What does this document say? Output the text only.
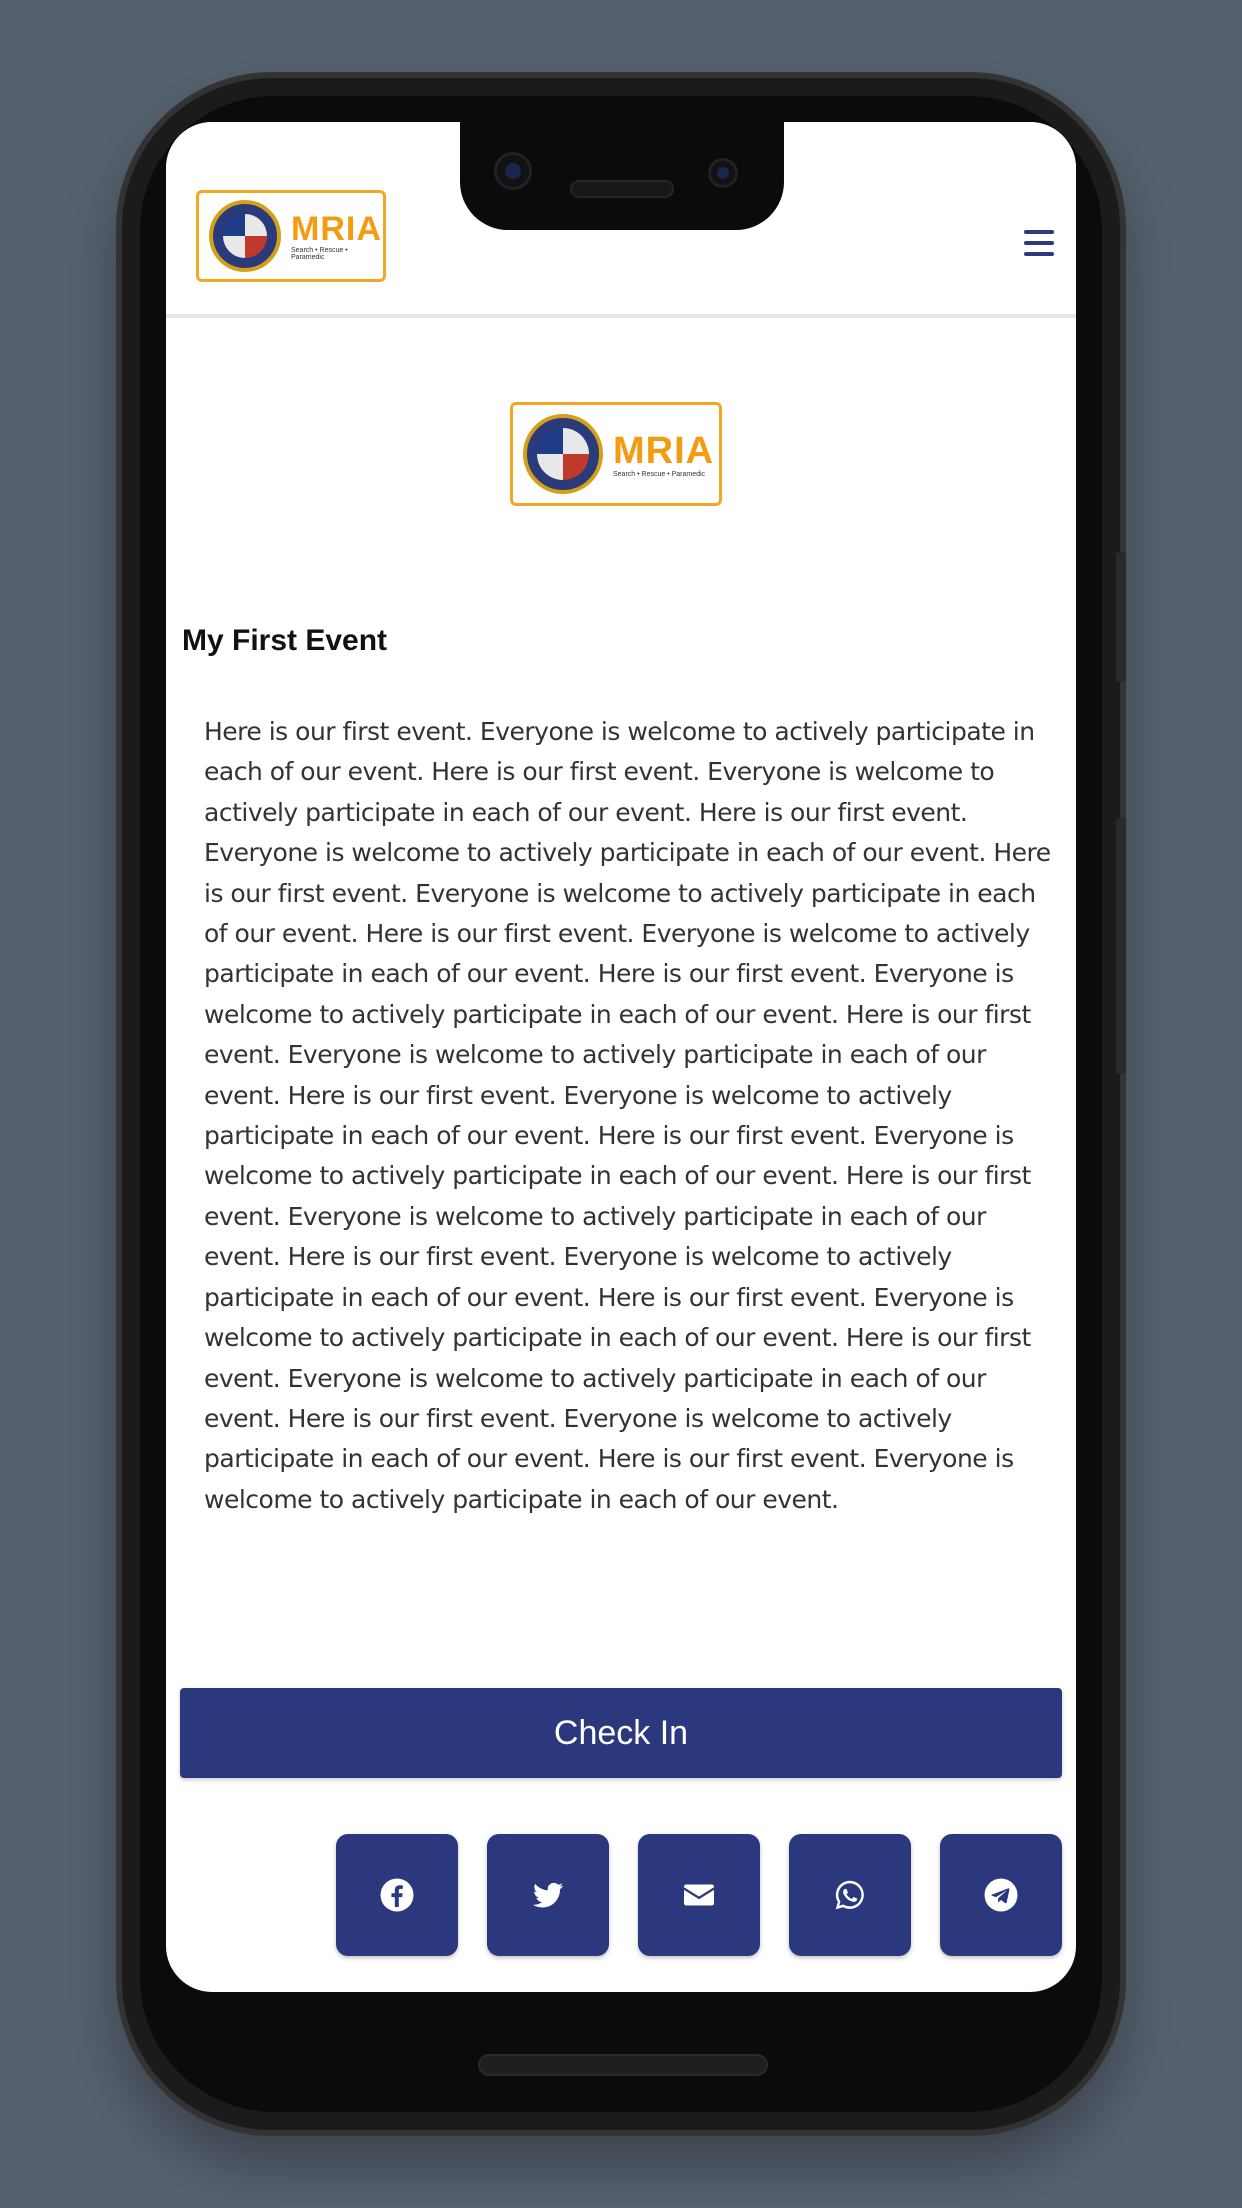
MRIA
Search • Rescue • Paramedic
MRIA
Search • Rescue • Paramedic
My First Event

Here is our first event. Everyone is welcome to actively participate in each of our event. Here is our first event. Everyone is welcome to actively participate in each of our event. Here is our first event. Everyone is welcome to actively participate in each of our event. Here is our first event. Everyone is welcome to actively participate in each of our event. Here is our first event. Everyone is welcome to actively participate in each of our event. Here is our first event. Everyone is welcome to actively participate in each of our event. Here is our first event. Everyone is welcome to actively participate in each of our event. Here is our first event. Everyone is welcome to actively participate in each of our event. Here is our first event. Everyone is welcome to actively participate in each of our event. Here is our first event. Everyone is welcome to actively participate in each of our event. Here is our first event. Everyone is welcome to actively participate in each of our event. Here is our first event. Everyone is welcome to actively participate in each of our event. Here is our first event. Everyone is welcome to actively participate in each of our event. Here is our first event. Everyone is welcome to actively participate in each of our event. Here is our first event. Everyone is welcome to actively participate in each of our event.

Check In
